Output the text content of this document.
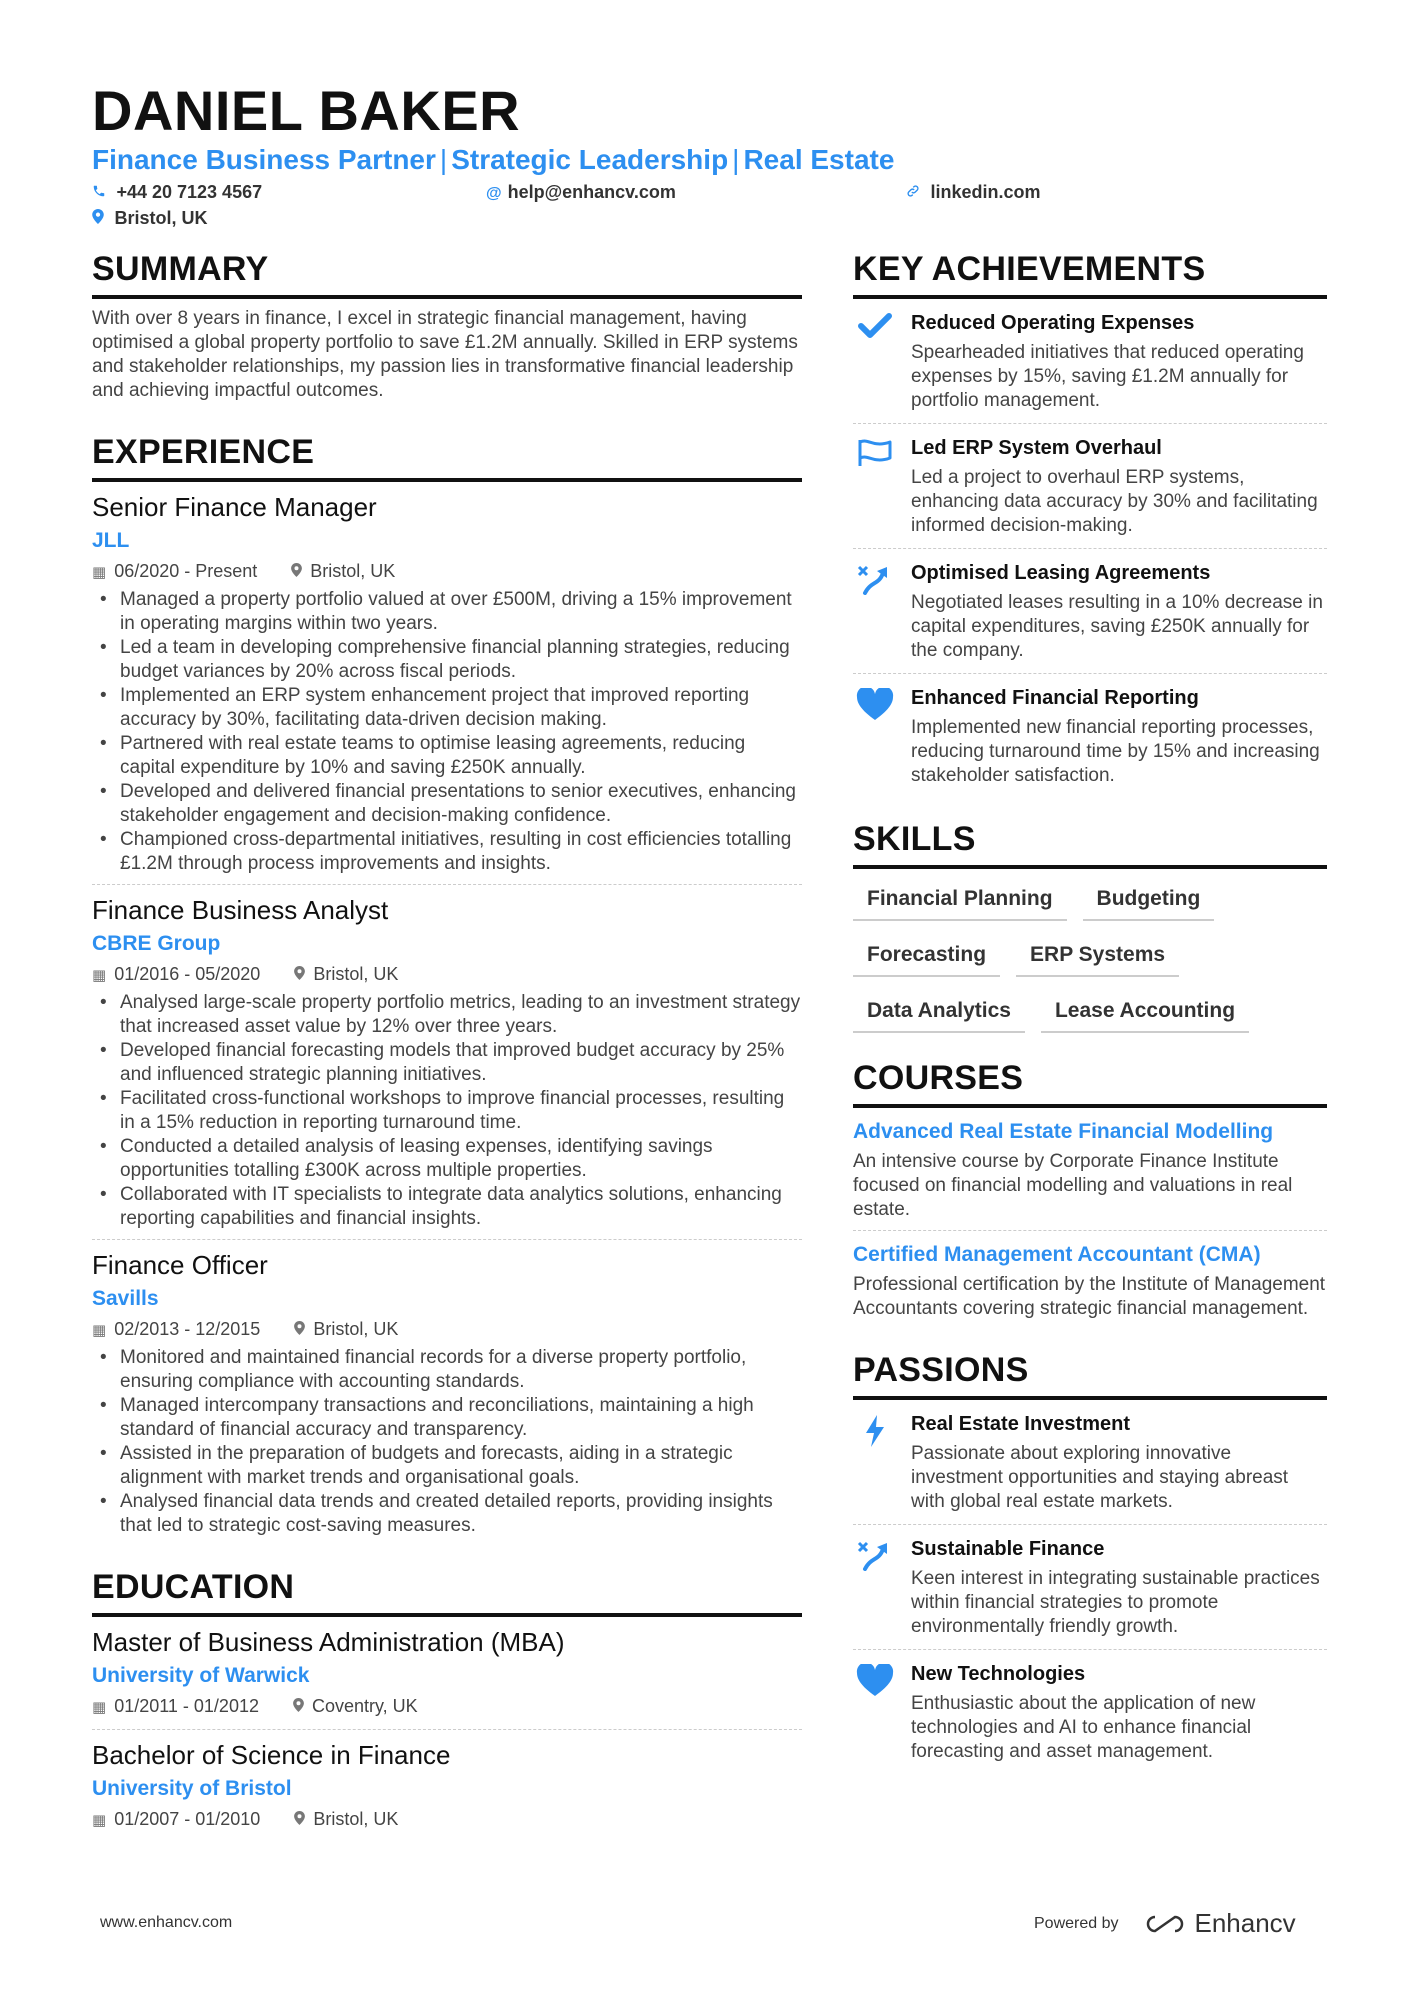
DANIEL BAKER
Finance Business Partner | Strategic Leadership | Real Estate
+44 20 7123 4567	@ help@enhancv.com	linkedin.com
Bristol, UK
SUMMARY

With over 8 years in finance, I excel in strategic financial management, having optimised a global property portfolio to save £1.2M annually. Skilled in ERP systems and stakeholder relationships, my passion lies in transformative financial leadership and achieving impactful outcomes.

EXPERIENCE
Senior Finance Manager
JLL
▦ 06/2020 - Present	Bristol, UK
• Managed a property portfolio valued at over £500M, driving a 15% improvement in operating margins within two years.
• Led a team in developing comprehensive financial planning strategies, reducing budget variances by 20% across fiscal periods.
• Implemented an ERP system enhancement project that improved reporting accuracy by 30%, facilitating data-driven decision making.
• Partnered with real estate teams to optimise leasing agreements, reducing capital expenditure by 10% and saving £250K annually.
• Developed and delivered financial presentations to senior executives, enhancing stakeholder engagement and decision-making confidence.
• Championed cross-departmental initiatives, resulting in cost efficiencies totalling £1.2M through process improvements and insights.
Finance Business Analyst
CBRE Group
▦ 01/2016 - 05/2020	Bristol, UK
• Analysed large-scale property portfolio metrics, leading to an investment strategy that increased asset value by 12% over three years.
• Developed financial forecasting models that improved budget accuracy by 25% and influenced strategic planning initiatives.
• Facilitated cross-functional workshops to improve financial processes, resulting in a 15% reduction in reporting turnaround time.
• Conducted a detailed analysis of leasing expenses, identifying savings opportunities totalling £300K across multiple properties.
• Collaborated with IT specialists to integrate data analytics solutions, enhancing reporting capabilities and financial insights.
Finance Officer
Savills
▦ 02/2013 - 12/2015	Bristol, UK
• Monitored and maintained financial records for a diverse property portfolio, ensuring compliance with accounting standards.
• Managed intercompany transactions and reconciliations, maintaining a high standard of financial accuracy and transparency.
• Assisted in the preparation of budgets and forecasts, aiding in a strategic alignment with market trends and organisational goals.
• Analysed financial data trends and created detailed reports, providing insights that led to strategic cost-saving measures.
EDUCATION
Master of Business Administration (MBA)
University of Warwick
▦ 01/2011 - 01/2012	Coventry, UK
Bachelor of Science in Finance
University of Bristol
▦ 01/2007 - 01/2010	Bristol, UK
KEY ACHIEVEMENTS
Reduced Operating Expenses
Spearheaded initiatives that reduced operating expenses by 15%, saving £1.2M annually for portfolio management.
Led ERP System Overhaul
Led a project to overhaul ERP systems, enhancing data accuracy by 30% and facilitating informed decision-making.
Optimised Leasing Agreements
Negotiated leases resulting in a 10% decrease in capital expenditures, saving £250K annually for the company.
Enhanced Financial Reporting
Implemented new financial reporting processes, reducing turnaround time by 15% and increasing stakeholder satisfaction.
SKILLS
Financial Planning	Budgeting
Forecasting	ERP Systems
Data Analytics	Lease Accounting
COURSES
Advanced Real Estate Financial Modelling
An intensive course by Corporate Finance Institute focused on financial modelling and valuations in real estate.
Certified Management Accountant (CMA)
Professional certification by the Institute of Management Accountants covering strategic financial management.
PASSIONS
Real Estate Investment
Passionate about exploring innovative investment opportunities and staying abreast with global real estate markets.
Sustainable Finance
Keen interest in integrating sustainable practices within financial strategies to promote environmentally friendly growth.
New Technologies
Enthusiastic about the application of new technologies and AI to enhance financial forecasting and asset management.
www.enhancv.com	Powered by	Enhancv
